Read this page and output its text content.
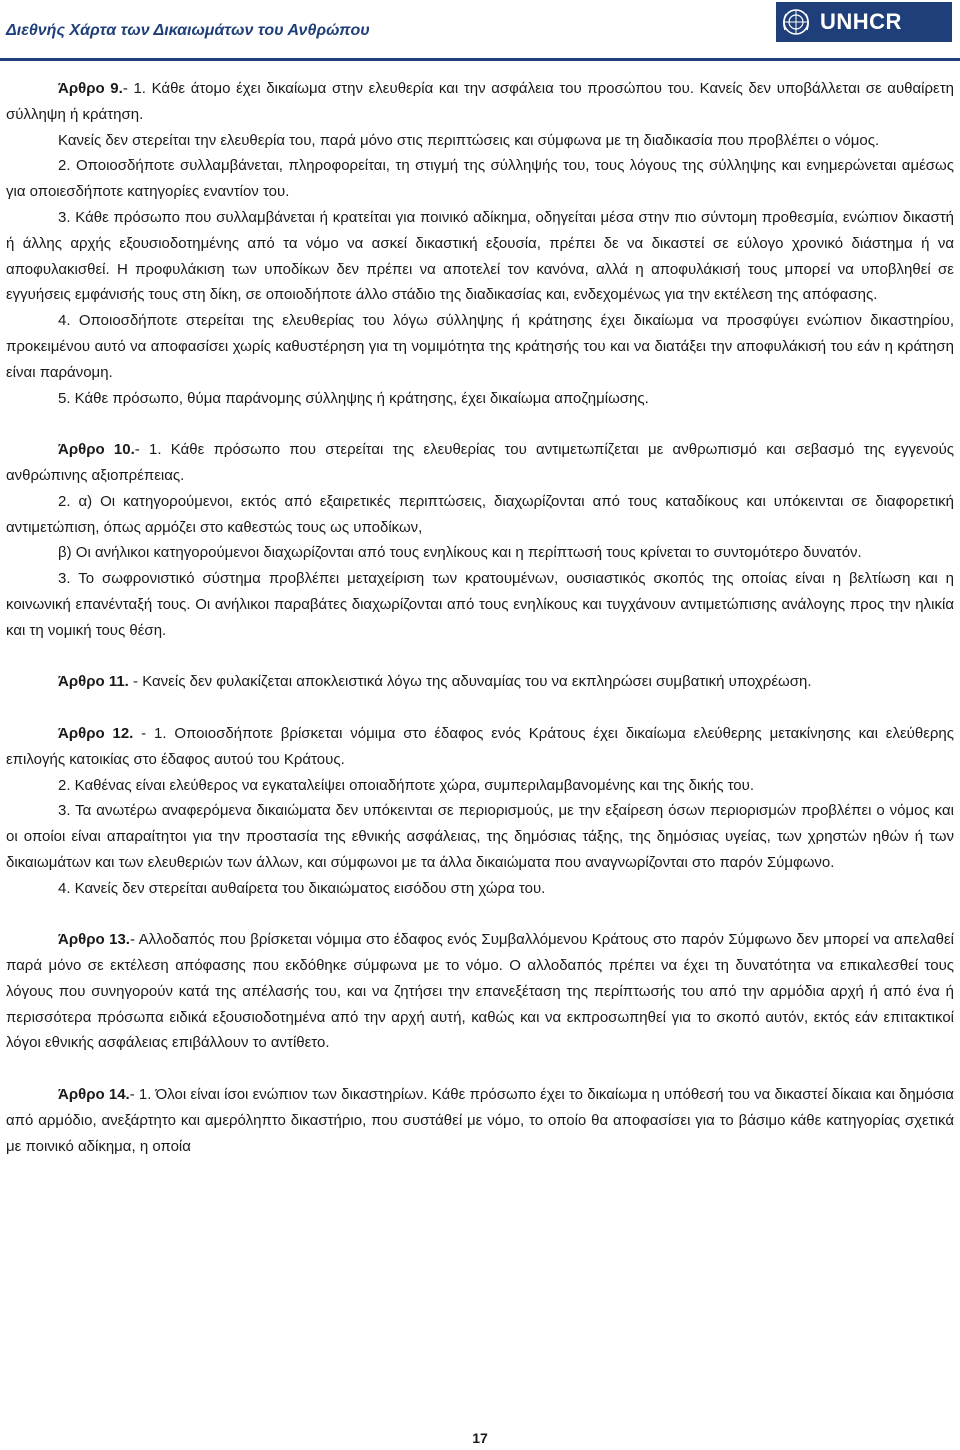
Διεθνής Χάρτα των Δικαιωμάτων του Ανθρώπου	UNHCR

Άρθρο 9.- 1. Κάθε άτομο έχει δικαίωμα στην ελευθερία και την ασφάλεια του προσώπου του. Κανείς δεν υποβάλλεται σε αυθαίρετη σύλληψη ή κράτηση.

Κανείς δεν στερείται την ελευθερία του, παρά μόνο στις περιπτώσεις και σύμφωνα με τη διαδικασία που προβλέπει ο νόμος.

2. Οποιοσδήποτε συλλαμβάνεται, πληροφορείται, τη στιγμή της σύλληψής του, τους λόγους της σύλληψης και ενημερώνεται αμέσως για οποιεσδήποτε κατηγορίες εναντίον του.

3. Κάθε πρόσωπο που συλλαμβάνεται ή κρατείται για ποινικό αδίκημα, οδηγείται μέσα στην πιο σύντομη προθεσμία, ενώπιον δικαστή ή άλλης αρχής εξουσιοδοτημένης από τα νόμο να ασκεί δικαστική εξουσία, πρέπει δε να δικαστεί σε εύλογο χρονικό διάστημα ή να αποφυλακισθεί. Η προφυλάκιση των υποδίκων δεν πρέπει να αποτελεί τον κανόνα, αλλά η αποφυλάκισή τους μπορεί να υποβληθεί σε εγγυήσεις εμφάνισής τους στη δίκη, σε οποιοδήποτε άλλο στάδιο της διαδικασίας και, ενδεχομένως για την εκτέλεση της απόφασης.

4. Οποιοσδήποτε στερείται της ελευθερίας του λόγω σύλληψης ή κράτησης έχει δικαίωμα να προσφύγει ενώπιον δικαστηρίου, προκειμένου αυτό να αποφασίσει χωρίς καθυστέρηση για τη νομιμότητα της κράτησής του και να διατάξει την αποφυλάκισή του εάν η κράτηση είναι παράνομη.

5. Κάθε πρόσωπο, θύμα παράνομης σύλληψης ή κράτησης, έχει δικαίωμα αποζημίωσης.

Άρθρο 10.- 1. Κάθε πρόσωπο που στερείται της ελευθερίας του αντιμετωπίζεται με ανθρωπισμό και σεβασμό της εγγενούς ανθρώπινης αξιοπρέπειας.

2. α) Οι κατηγορούμενοι, εκτός από εξαιρετικές περιπτώσεις, διαχωρίζονται από τους καταδίκους και υπόκεινται σε διαφορετική αντιμετώπιση, όπως αρμόζει στο καθεστώς τους ως υποδίκων,

β) Οι ανήλικοι κατηγορούμενοι διαχωρίζονται από τους ενηλίκους και η περίπτωσή τους κρίνεται το συντομότερο δυνατόν.

3. Το σωφρονιστικό σύστημα προβλέπει μεταχείριση των κρατουμένων, ουσιαστικός σκοπός της οποίας είναι η βελτίωση και η κοινωνική επανένταξή τους. Οι ανήλικοι παραβάτες διαχωρίζονται από τους ενηλίκους και τυγχάνουν αντιμετώπισης ανάλογης προς την ηλικία και τη νομική τους θέση.

Άρθρο 11. - Κανείς δεν φυλακίζεται αποκλειστικά λόγω της αδυναμίας του να εκπληρώσει συμβατική υποχρέωση.

Άρθρο 12. - 1. Οποιοσδήποτε βρίσκεται νόμιμα στο έδαφος ενός Κράτους έχει δικαίωμα ελεύθερης μετακίνησης και ελεύθερης επιλογής κατοικίας στο έδαφος αυτού του Κράτους.

2. Καθένας είναι ελεύθερος να εγκαταλείψει οποιαδήποτε χώρα, συμπεριλαμβανομένης και της δικής του.

3. Τα ανωτέρω αναφερόμενα δικαιώματα δεν υπόκεινται σε περιορισμούς, με την εξαίρεση όσων περιορισμών προβλέπει ο νόμος και οι οποίοι είναι απαραίτητοι για την προστασία της εθνικής ασφάλειας, της δημόσιας τάξης, της δημόσιας υγείας, των χρηστών ηθών ή των δικαιωμάτων και των ελευθεριών των άλλων, και σύμφωνοι με τα άλλα δικαιώματα που αναγνωρίζονται στο παρόν Σύμφωνο.

4. Κανείς δεν στερείται αυθαίρετα του δικαιώματος εισόδου στη χώρα του.

Άρθρο 13.- Αλλοδαπός που βρίσκεται νόμιμα στο έδαφος ενός Συμβαλλόμενου Κράτους στο παρόν Σύμφωνο δεν μπορεί να απελαθεί παρά μόνο σε εκτέλεση απόφασης που εκδόθηκε σύμφωνα με το νόμο. Ο αλλοδαπός πρέπει να έχει τη δυνατότητα να επικαλεσθεί τους λόγους που συνηγορούν κατά της απέλασής του, και να ζητήσει την επανεξέταση της περίπτωσής του από την αρμόδια αρχή ή από ένα ή περισσότερα πρόσωπα ειδικά εξουσιοδοτημένα από την αρχή αυτή, καθώς και να εκπροσωπηθεί για το σκοπό αυτόν, εκτός εάν επιτακτικοί λόγοι εθνικής ασφάλειας επιβάλλουν το αντίθετο.

Άρθρο 14.- 1. Όλοι είναι ίσοι ενώπιον των δικαστηρίων. Κάθε πρόσωπο έχει το δικαίωμα η υπόθεσή του να δικαστεί δίκαια και δημόσια από αρμόδιο, ανεξάρτητο και αμερόληπτο δικαστήριο, που συστάθεί με νόμο, το οποίο θα αποφασίσει για το βάσιμο κάθε κατηγορίας σχετικά με ποινικό αδίκημα, η οποία

17
